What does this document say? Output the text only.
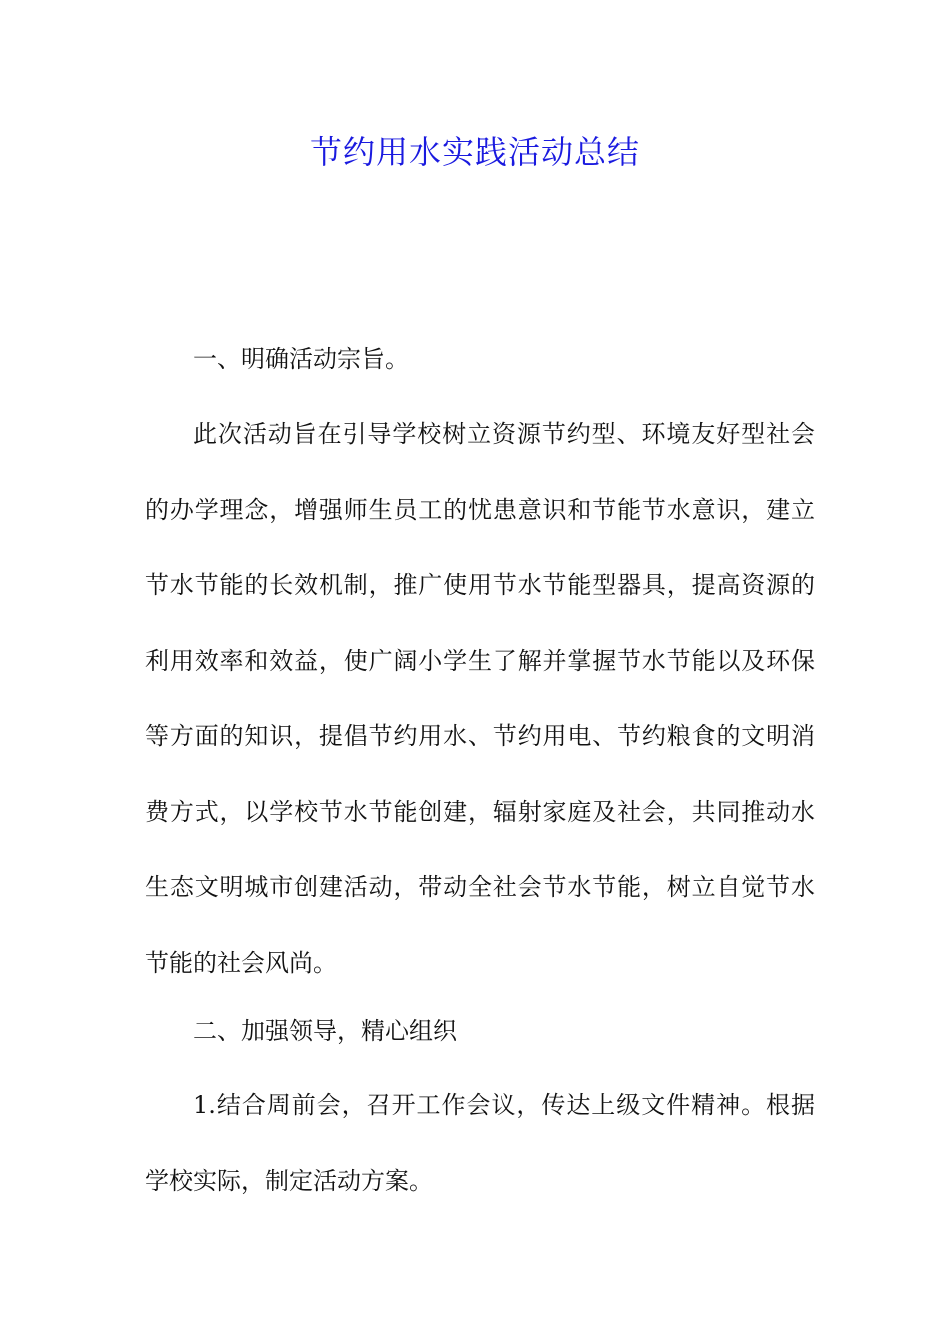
节约用水实践活动总结

一、明确活动宗旨。

此次活动旨在引导学校树立资源节约型、环境友好型社会的办学理念，增强师生员工的忧患意识和节能节水意识，建立节水节能的长效机制，推广使用节水节能型器具，提高资源的利用效率和效益，使广阔小学生了解并掌握节水节能以及环保等方面的知识，提倡节约用水、节约用电、节约粮食的文明消费方式，以学校节水节能创建，辐射家庭及社会，共同推动水生态文明城市创建活动，带动全社会节水节能，树立自觉节水节能的社会风尚。

二、加强领导，精心组织

1.结合周前会，召开工作会议，传达上级文件精神。根据学校实际，制定活动方案。
